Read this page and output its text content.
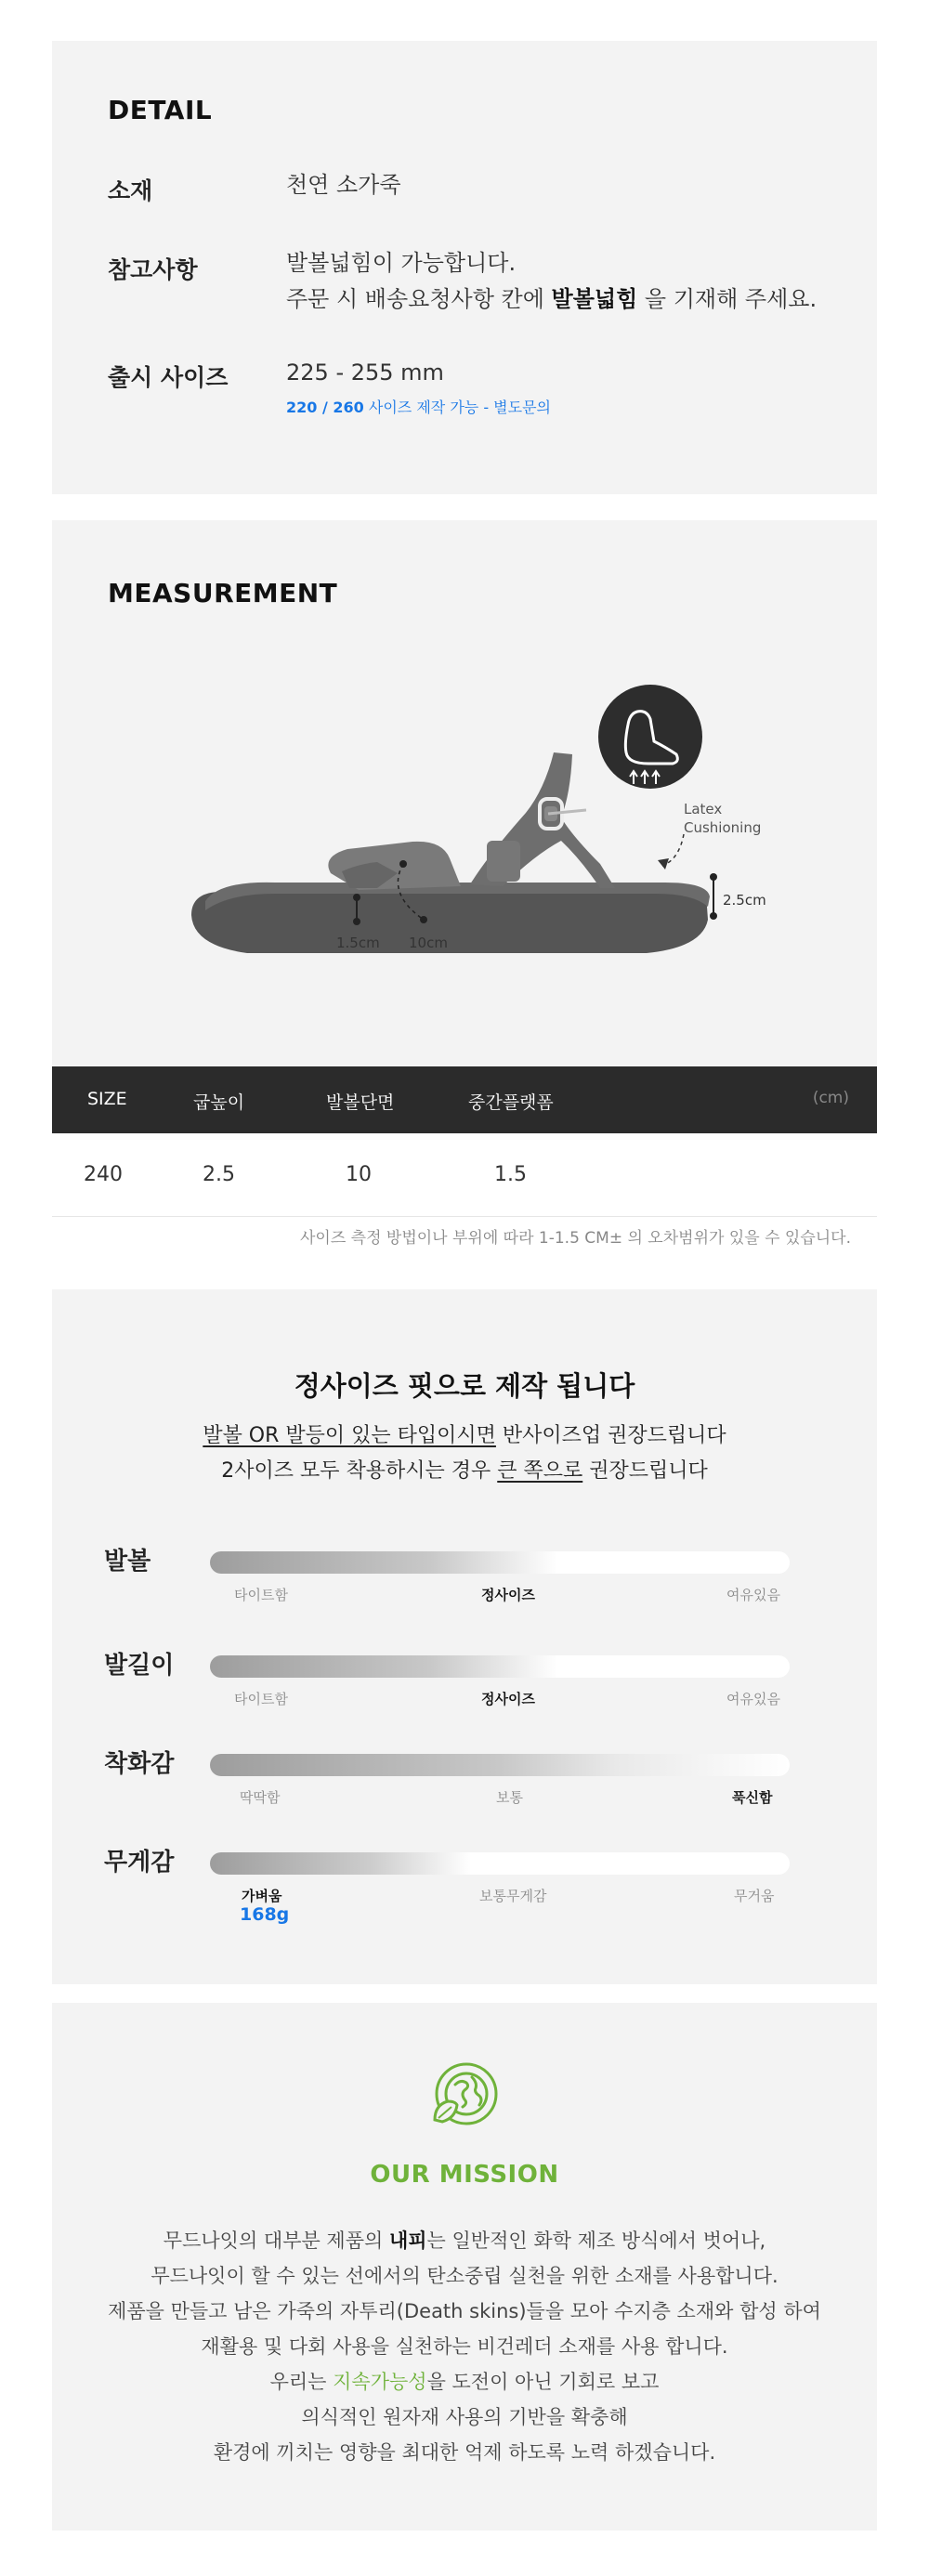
DETAIL
소재	천연 소가죽
참고사항	발볼넓힘이 가능합니다.
주문 시 배송요청사항 칸에 발볼넓힘 을 기재해 주세요.
출시 사이즈	225 - 255 mm
220 / 260 사이즈 제작 가능 - 별도문의
MEASUREMENT
Latex
Cushioning
2.5cm
1.5cm 10cm
SIZE	굽높이	발볼단면	중간플랫폼	(cm)
240	2.5	10	1.5
사이즈 측정 방법이나 부위에 따라 1-1.5 CM± 의 오차범위가 있을 수 있습니다.
정사이즈 핏으로 제작 됩니다
발볼 OR 발등이 있는 타입이시면 반사이즈업 권장드립니다
2사이즈 모두 착용하시는 경우 큰 쪽으로 권장드립니다
발볼
타이트함	정사이즈	여유있음
발길이
타이트함	정사이즈	여유있음
착화감
딱딱함	보통	푹신함
무게감
가벼움	보통무게감	무거움
168g
OUR MISSION
무드나잇의 대부분 제품의 내피는 일반적인 화학 제조 방식에서 벗어나,
무드나잇이 할 수 있는 선에서의 탄소중립 실천을 위한 소재를 사용합니다.
제품을 만들고 남은 가죽의 자투리(Death skins)들을 모아 수지층 소재와 합성 하여
재활용 및 다회 사용을 실천하는 비건레더 소재를 사용 합니다.
우리는 지속가능성을 도전이 아닌 기회로 보고
의식적인 원자재 사용의 기반을 확충해
환경에 끼치는 영향을 최대한 억제 하도록 노력 하겠습니다.
